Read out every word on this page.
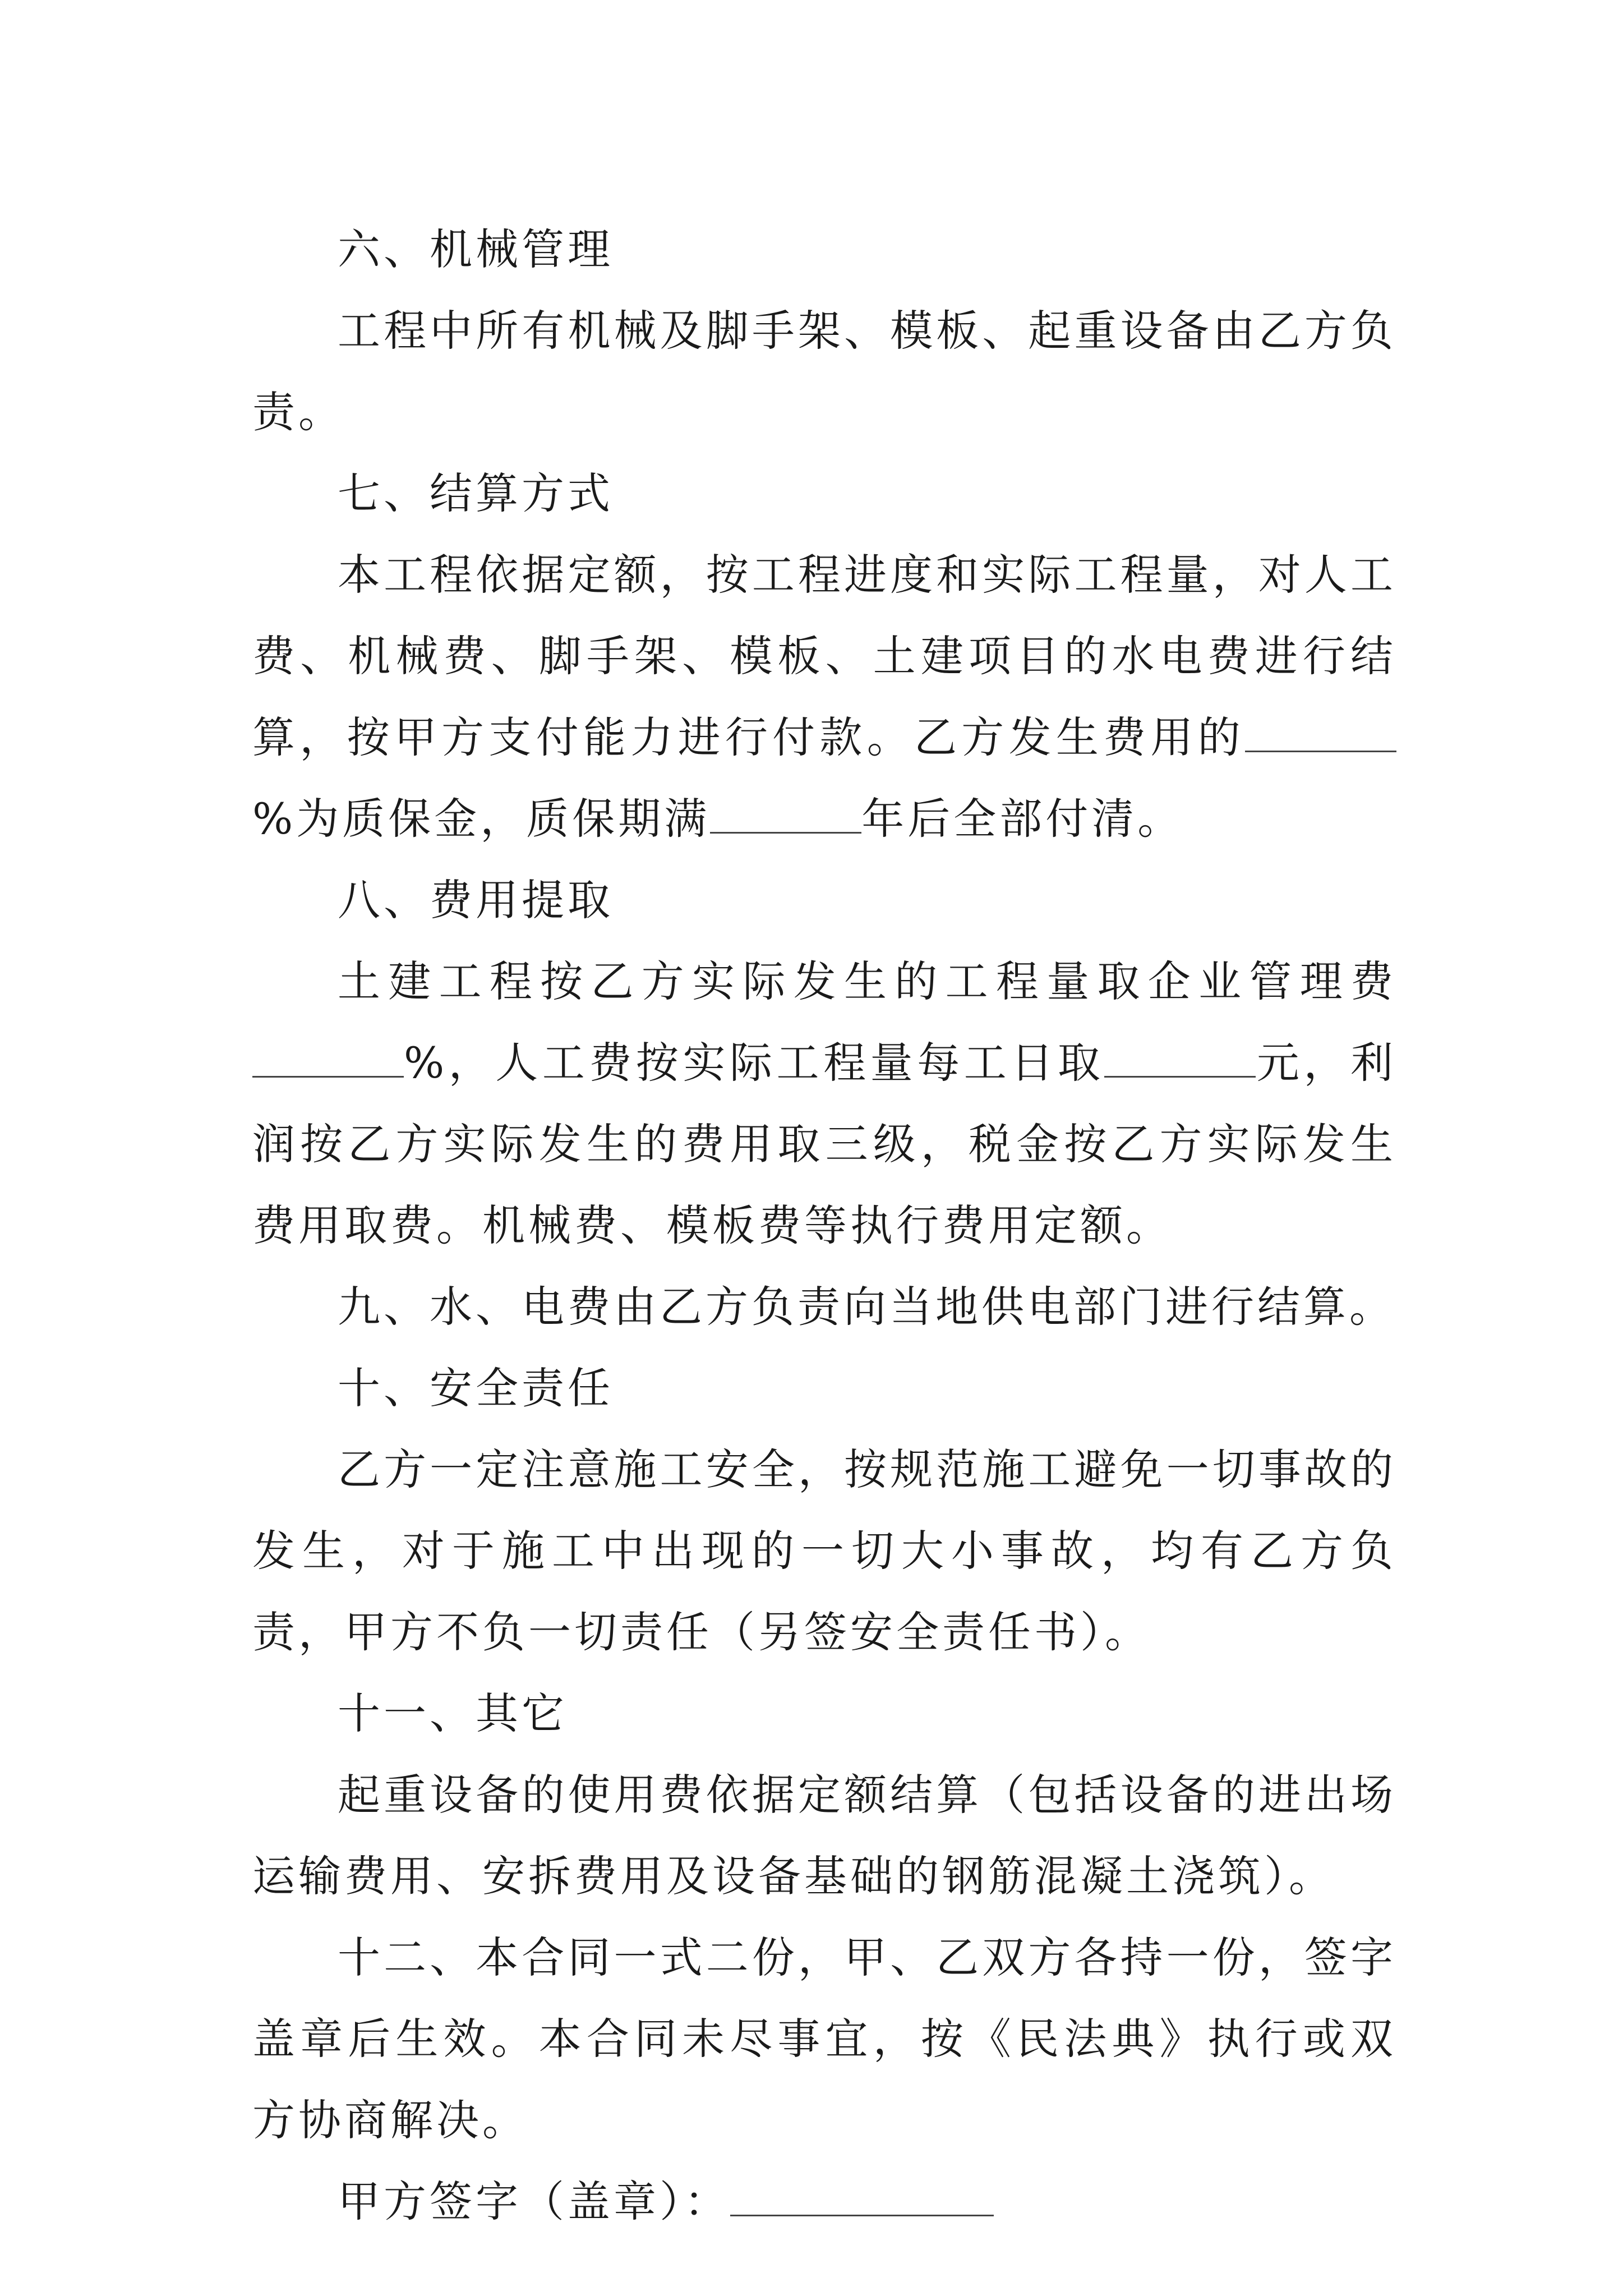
六、机械管理

工程中所有机械及脚手架、模板、起重设备由乙方负责。

七、结算方式

本工程依据定额，按工程进度和实际工程量，对人工费、机械费、脚手架、模板、土建项目的水电费进行结算，按甲方支付能力进行付款。乙方发生费用的%为质保金，质保期满	年后全部付清。

八、费用提取

土建工程按乙方实际发生的工程量取企业管理费%，人工费按实际工程量每工日取	元，利润按乙方实际发生的费用取三级，税金按乙方实际发生费用取费。机械费、模板费等执行费用定额。

九、水、电费由乙方负责向当地供电部门进行结算。

十、安全责任

乙方一定注意施工安全，按规范施工避免一切事故的发生，对于施工中出现的一切大小事故，均有乙方负责，甲方不负一切责任（另签安全责任书）。

十一、其它

起重设备的使用费依据定额结算（包括设备的进出场运输费用、安拆费用及设备基础的钢筋混凝土浇筑）。

十二、本合同一式二份，甲、乙双方各持一份，签字盖章后生效。本合同未尽事宜，按《民法典》执行或双方协商解决。

甲方签字（盖章）：
